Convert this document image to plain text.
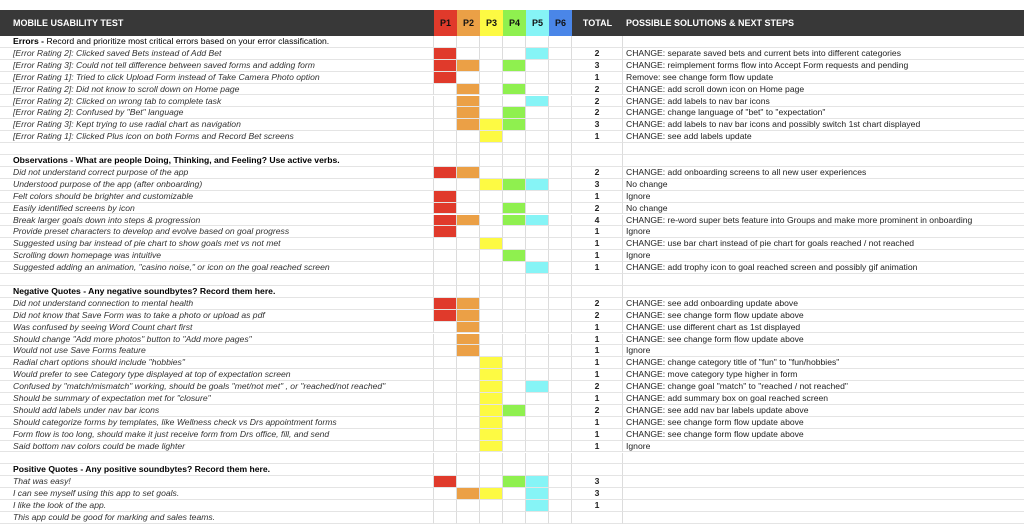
MOBILE USABILITY TEST	P1	P2	P3	P4	P5	P6	TOTAL	POSSIBLE SOLUTIONS & NEXT STEPS
Errors - Record and prioritize most critical errors based on your error classification.
[Error Rating 2]: Clicked saved Bets instead of Add Bet	2	CHANGE: separate saved bets and current bets into different categories
[Error Rating 3]: Could not tell difference between saved forms and adding form	3	CHANGE: reimplement forms flow into Accept Form requests and pending
[Error Rating 1]: Tried to click Upload Form instead of Take Camera Photo option	1	Remove: see change form flow update
[Error Rating 2]: Did not know to scroll down on Home page	2	CHANGE: add scroll down icon on Home page
[Error Rating 2]: Clicked on wrong tab to complete task	2	CHANGE: add labels to nav bar icons
[Error Rating 2]: Confused by "Bet" language	2	CHANGE: change language of "bet" to "expectation"
[Error Rating 3]: Kept trying to use radial chart as navigation	3	CHANGE: add labels to nav bar icons and possibly switch 1st chart displayed
[Error Rating 1]: Clicked Plus icon on both Forms and Record Bet screens	1	CHANGE: see add labels update
Observations - What are people Doing, Thinking, and Feeling? Use active verbs.
Did not understand correct purpose of the app	2	CHANGE: add onboarding screens to all new user experiences
Understood purpose of the app (after onboarding)	3	No change
Felt colors should be brighter and customizable	1	Ignore
Easily identified screens by icon	2	No change
Break larger goals down into steps & progression	4	CHANGE: re-word super bets feature into Groups and make more prominent in onboarding
Provide preset characters to develop and evolve based on goal progress	1	Ignore
Suggested using bar instead of pie chart to show goals met vs not met	1	CHANGE: use bar chart instead of pie chart for goals reached / not reached
Scrolling down homepage was intuitive	1	Ignore
Suggested adding an animation, "casino noise," or icon on the goal reached screen	1	CHANGE: add trophy icon to goal reached screen and possibly gif animation
Negative Quotes - Any negative soundbytes? Record them here.
Did not understand connection to mental health	2	CHANGE: see add onboarding update above
Did not know that Save Form was to take a photo or upload as pdf	2	CHANGE: see change form flow update above
Was confused by seeing Word Count chart first	1	CHANGE: use different chart as 1st displayed
Should change "Add more photos" button to "Add more pages"	1	CHANGE: see change form flow update above
Would not use Save Forms feature	1	Ignore
Radial chart options should include "hobbies"	1	CHANGE: change category title of "fun" to "fun/hobbies"
Would prefer to see Category type displayed at top of expectation screen	1	CHANGE: move category type higher in form
Confused by "match/mismatch" working, should be goals "met/not met" , or "reached/not reached"	2	CHANGE: change goal "match" to "reached / not reached"
Should be summary of expectation met for "closure"	1	CHANGE: add summary box on goal reached screen
Should add labels under nav bar icons	2	CHANGE: see add nav bar labels update above
Should categorize forms by templates, like Wellness check vs Drs appointment forms	1	CHANGE: see change form flow update above
Form flow is too long, should make it just receive form from Drs office, fill, and send	1	CHANGE: see change form flow update above
Said bottom nav colors could be made lighter	1	Ignore
Positive Quotes - Any positive soundbytes? Record them here.
That was easy!	3
I can see myself using this app to set goals.	3
I like the look of the app.	1
This app could be good for marking and sales teams.
